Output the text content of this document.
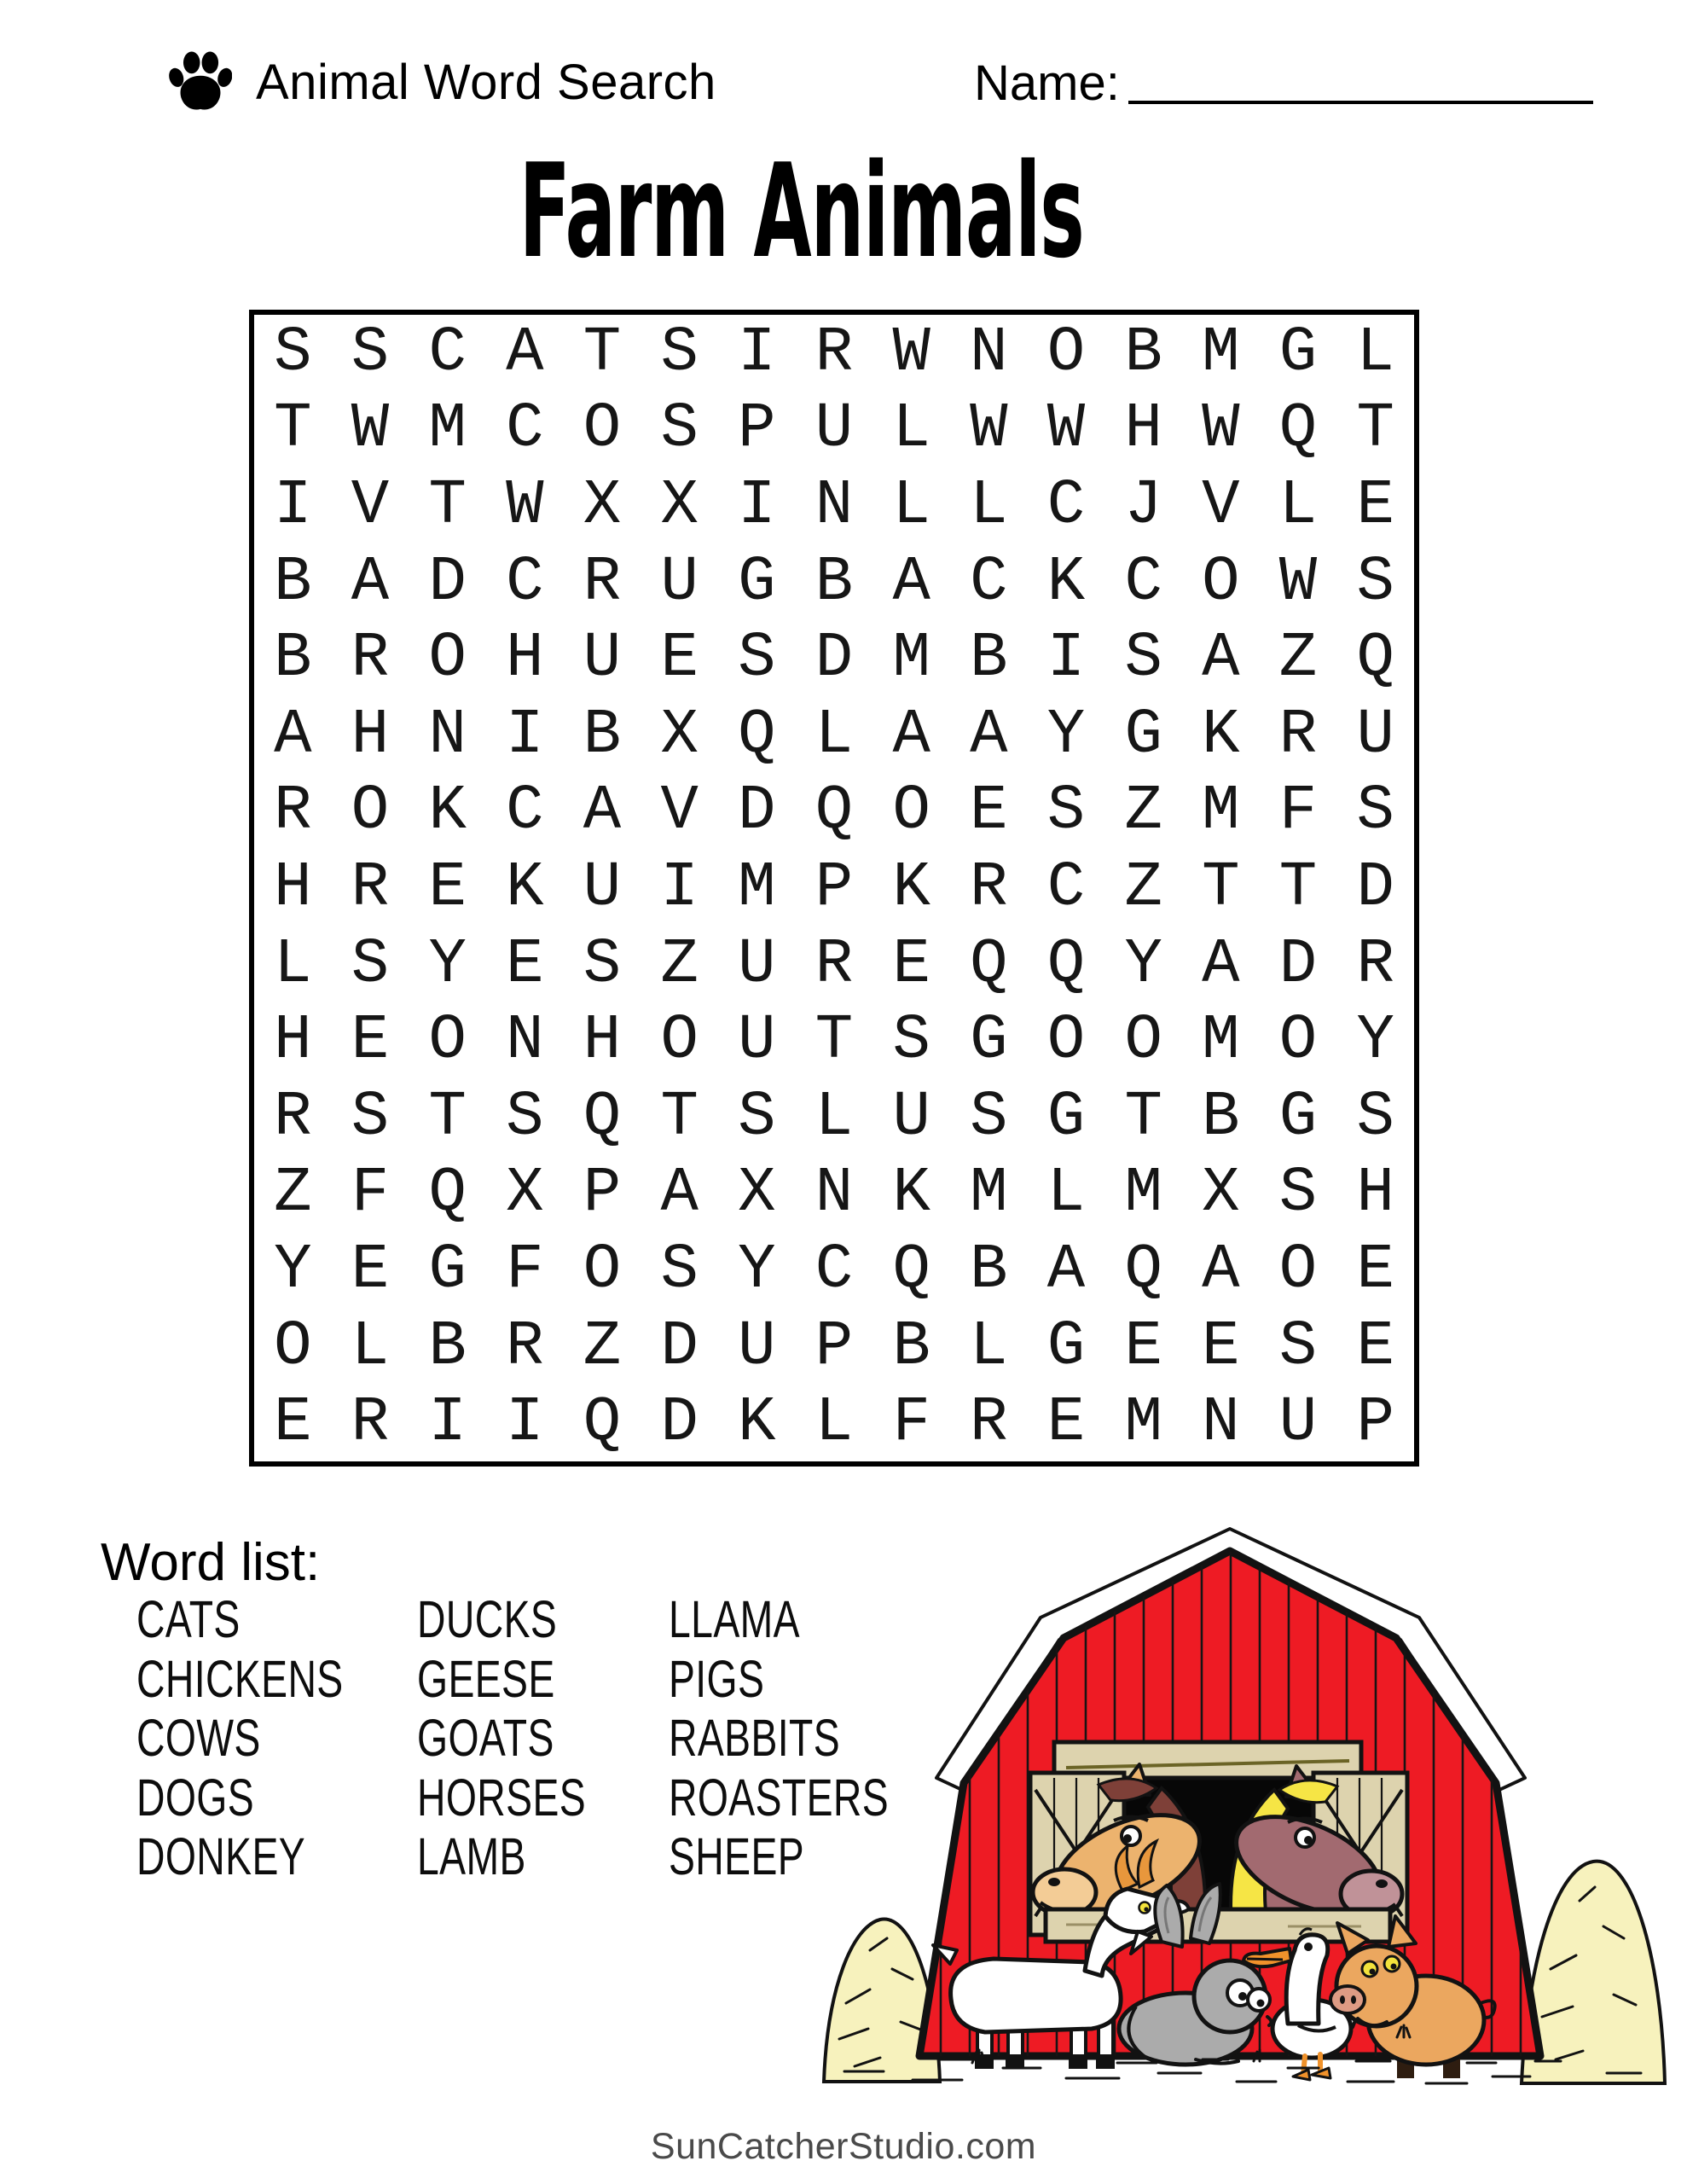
Animal Word Search	Name:
Farm Animals
S S C A T S I R W N O B M G L
T W M C O S P U L W W H W Q T
I V T W X X I N L L C J V L E
B A D C R U G B A C K C O W S
B R O H U E S D M B I S A Z Q
A H N I B X Q L A A Y G K R U
R O K C A V D Q O E S Z M F S
H R E K U I M P K R C Z T T D
L S Y E S Z U R E Q Q Y A D R
H E O N H O U T S G O O M O Y
R S T S Q T S L U S G T B G S
Z F Q X P A X N K M L M X S H
Y E G F O S Y C Q B A Q A O E
O L B R Z D U P B L G E E S E
E R I I Q D K L F R E M N U P
Word list:
CATS
CHICKENS
COWS
DOGS
DONKEY
DUCKS
GEESE
GOATS
HORSES
LAMB
LLAMA
PIGS
RABBITS
ROASTERS
SHEEP
SunCatcherStudio.com
